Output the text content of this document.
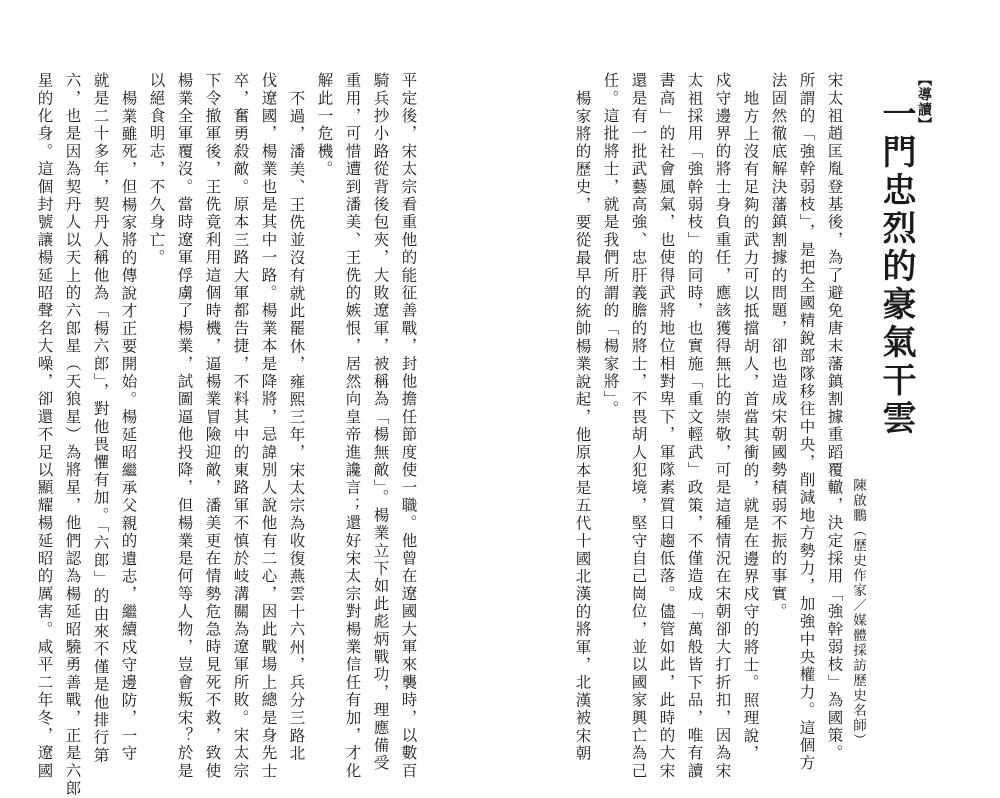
【導讀】
一門忠烈的豪氣干雲
陳啟鵬（歷史作家／媒體採訪歷史名師）
宋太祖趙匡胤登基後，為了避免唐末藩鎮割據重蹈覆轍，決定採用「強幹弱枝」為國策。
所謂的「強幹弱枝」，是把全國精銳部隊移往中央，削減地方勢力，加強中央權力。這個方
法固然徹底解決藩鎮割據的問題，卻也造成宋朝國勢積弱不振的事實。
地方上沒有足夠的武力可以抵擋胡人，首當其衝的，就是在邊界戍守的將士。照理說，
戍守邊界的將士身負重任，應該獲得無比的崇敬，可是這種情況在宋朝卻大打折扣，因為宋
太祖採用「強幹弱枝」的同時，也實施「重文輕武」政策，不僅造成「萬般皆下品，唯有讀
書高」的社會風氣，也使得武將地位相對卑下，軍隊素質日趨低落。儘管如此，此時的大宋
還是有一批武藝高強、忠肝義膽的將士，不畏胡人犯境，堅守自己崗位，並以國家興亡為己
任。這批將士，就是我們所謂的「楊家將」。
楊家將的歷史，要從最早的統帥楊業說起，他原本是五代十國北漢的將軍，北漢被宋朝
平定後，宋太宗看重他的能征善戰，封他擔任節度使一職。他曾在遼國大軍來襲時，以數百
騎兵抄小路從背後包夾，大敗遼軍，被稱為「楊無敵」。楊業立下如此彪炳戰功，理應備受
重用，可惜遭到潘美、王侁的嫉恨，居然向皇帝進讒言；還好宋太宗對楊業信任有加，才化
解此一危機。
不過，潘美、王侁並沒有就此罷休，雍熙三年，宋太宗為收復燕雲十六州，兵分三路北
伐遼國，楊業也是其中一路。楊業本是降將，忌諱別人說他有二心，因此戰場上總是身先士
卒，奮勇殺敵。原本三路大軍都告捷，不料其中的東路軍不慎於岐溝關為遼軍所敗。宋太宗
下令撤軍後，王侁竟利用這個時機，逼楊業冒險迎敵，潘美更在情勢危急時見死不救，致使
楊業全軍覆沒。當時遼軍俘虜了楊業，試圖逼他投降，但楊業是何等人物，豈會叛宋？於是
以絕食明志，不久身亡。
楊業雖死，但楊家將的傳說才正要開始。楊延昭繼承父親的遺志，繼續戍守邊防，一守
就是二十多年，契丹人稱他為「楊六郎」，對他畏懼有加。「六郎」的由來不僅是他排行第
六，也是因為契丹人以天上的六郎星（天狼星）為將星，他們認為楊延昭驍勇善戰，正是六郎
星的化身。這個封號讓楊延昭聲名大噪，卻還不足以顯耀楊延昭的厲害。咸平二年冬，遼國
